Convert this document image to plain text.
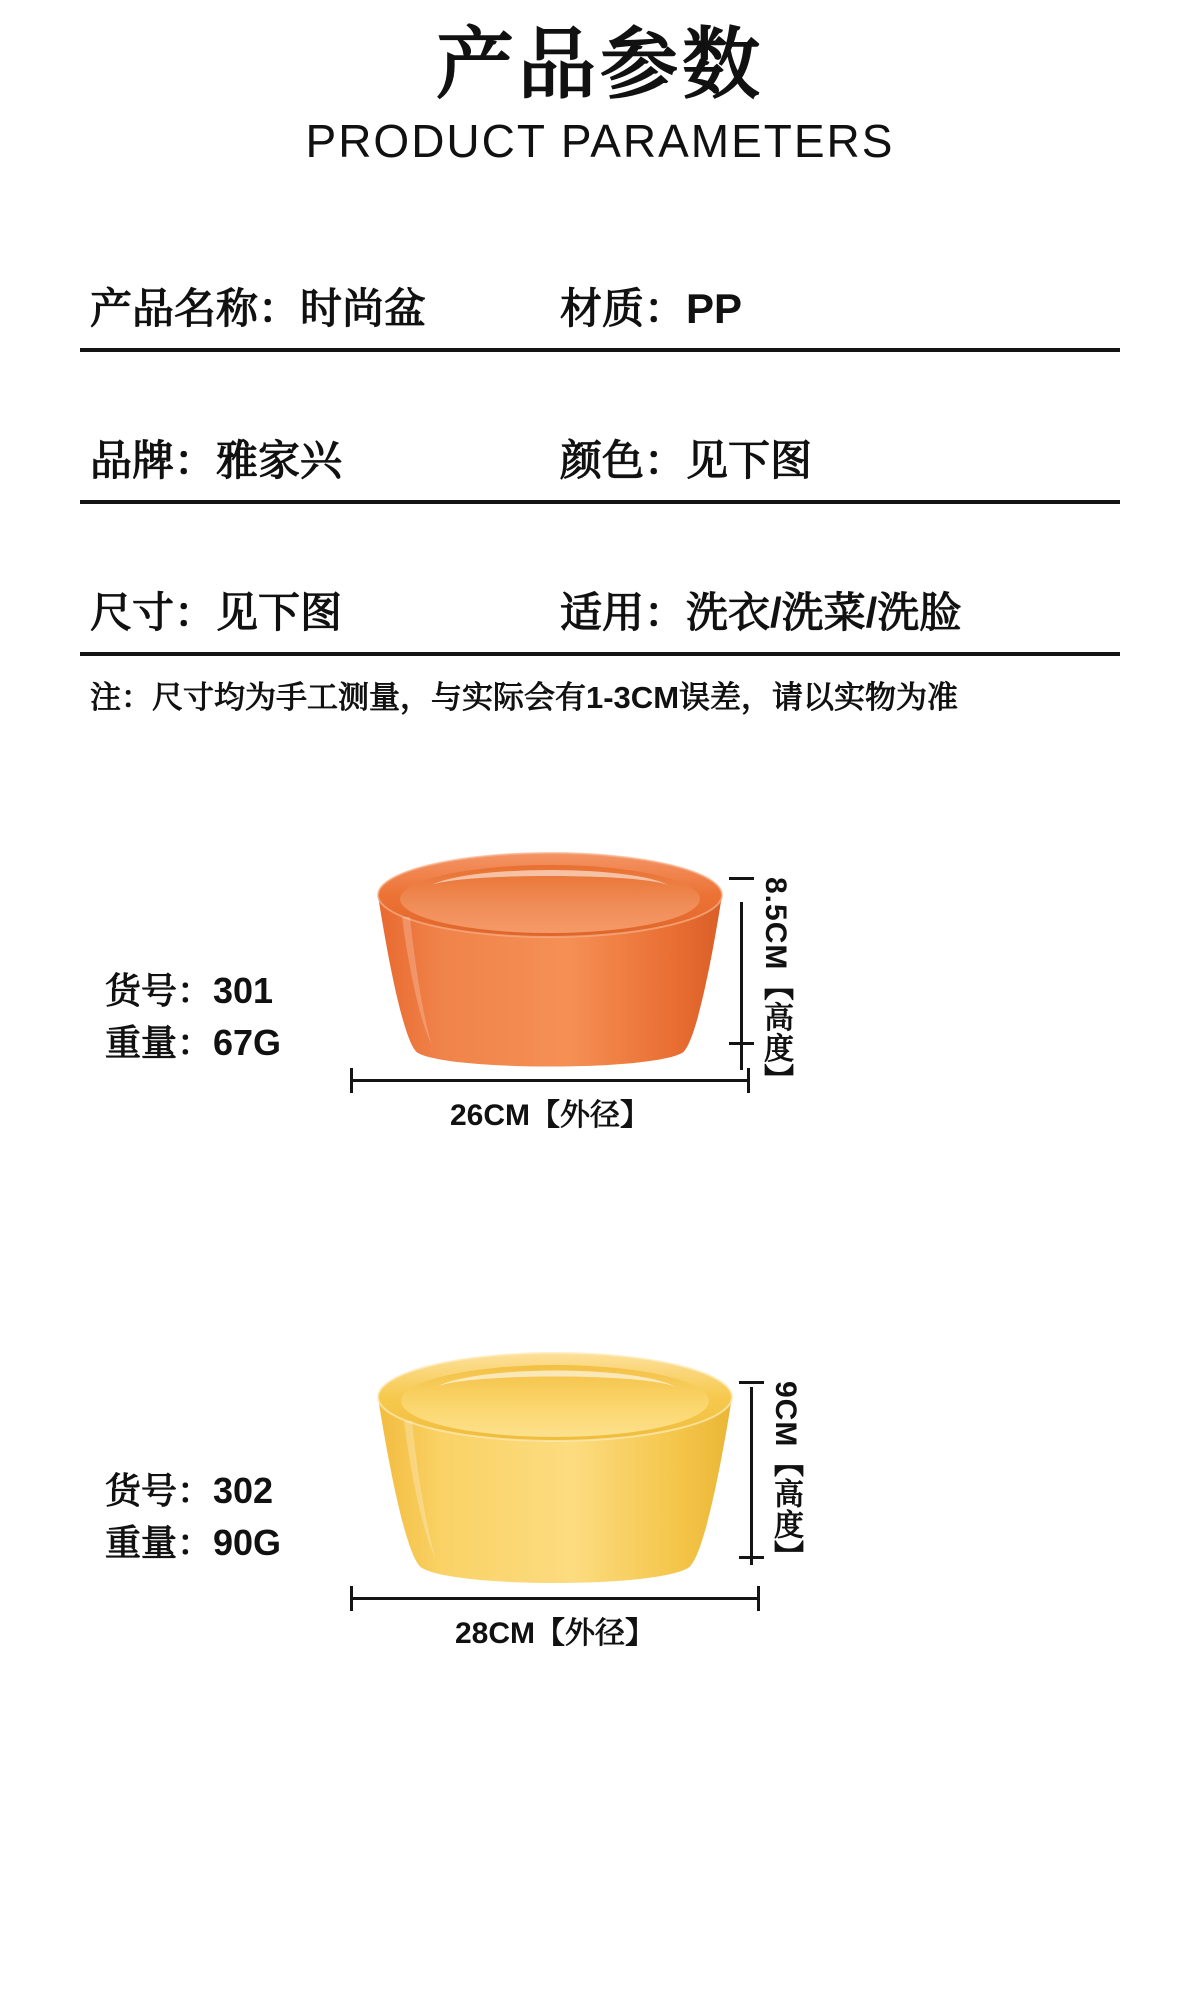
产品参数
PRODUCT PARAMETERS
产品名称：时尚盆	材质：PP
品牌：雅家兴	颜色：见下图
尺寸：见下图	适用：洗衣/洗菜/洗脸
注：尺寸均为手工测量，与实际会有1-3CM误差，请以实物为准
货号：301
重量：67G	8.5CM【高度】
26CM【外径】
货号：302
重量：90G	9CM【高度】
28CM【外径】
